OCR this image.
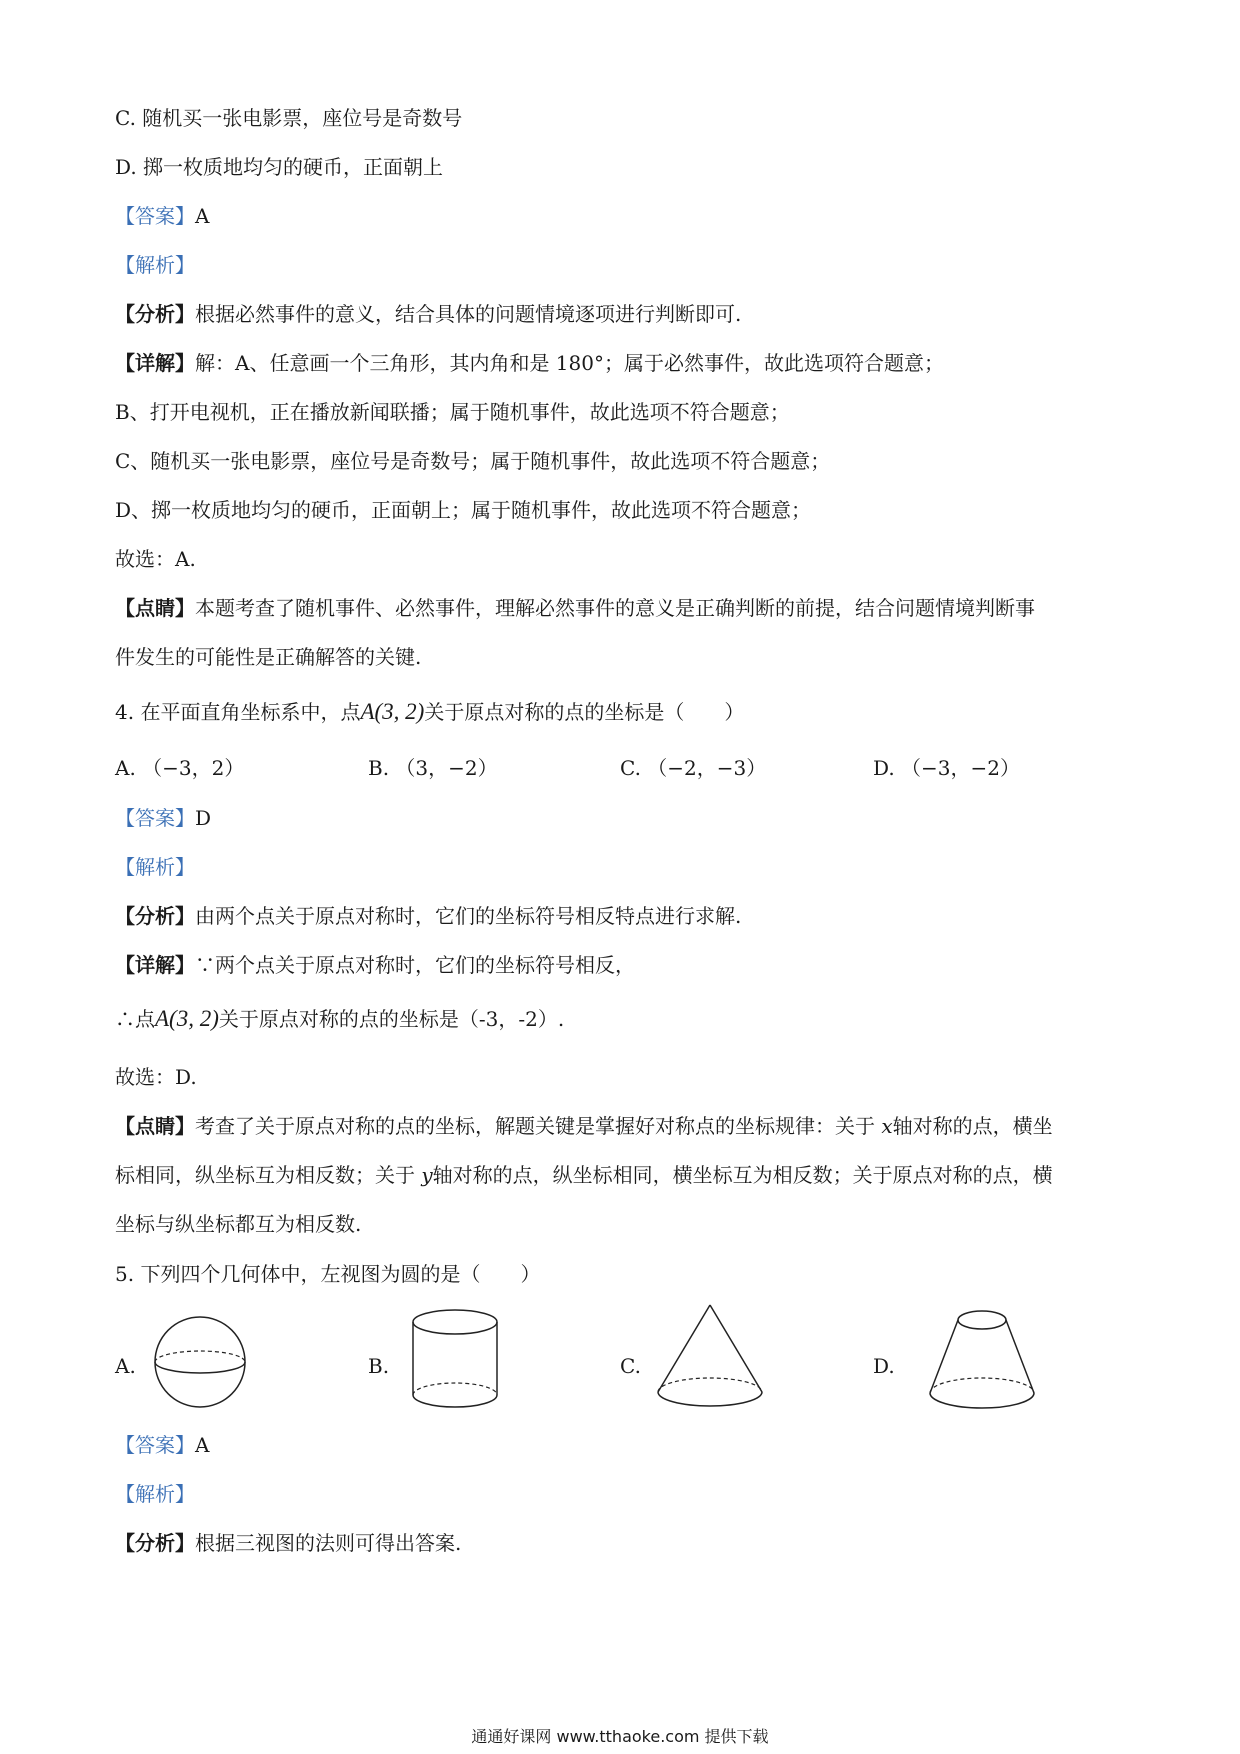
C. 随机买一张电影票，座位号是奇数号
D. 掷一枚质地均匀的硬币，正面朝上
【答案】A
【解析】
【分析】根据必然事件的意义，结合具体的问题情境逐项进行判断即可.
【详解】解：A、任意画一个三角形，其内角和是 180°；属于必然事件，故此选项符合题意；
B、打开电视机，正在播放新闻联播；属于随机事件，故此选项不符合题意；
C、随机买一张电影票，座位号是奇数号；属于随机事件，故此选项不符合题意；
D、掷一枚质地均匀的硬币，正面朝上；属于随机事件，故此选项不符合题意；
故选：A.
【点睛】本题考查了随机事件、必然事件，理解必然事件的意义是正确判断的前提，结合问题情境判断事
件发生的可能性是正确解答的关键.
4. 在平面直角坐标系中，点A(3, 2)关于原点对称的点的坐标是（　　）
A. （−3，2）	B. （3，−2）	C. （−2，−3）	D. （−3，−2）
【答案】D
【解析】
【分析】由两个点关于原点对称时，它们的坐标符号相反特点进行求解.
【详解】∵两个点关于原点对称时，它们的坐标符号相反，
∴点A(3, 2)关于原点对称的点的坐标是（-3，-2）.
故选：D.
【点睛】考查了关于原点对称的点的坐标，解题关键是掌握好对称点的坐标规律：关于 x轴对称的点，横坐
标相同，纵坐标互为相反数；关于 y轴对称的点，纵坐标相同，横坐标互为相反数；关于原点对称的点，横
坐标与纵坐标都互为相反数.
5. 下列四个几何体中，左视图为圆的是（　　）
A.	B.	C.	D.
【答案】A
【解析】
【分析】根据三视图的法则可得出答案.
通通好课网 www.tthaoke.com 提供下载
